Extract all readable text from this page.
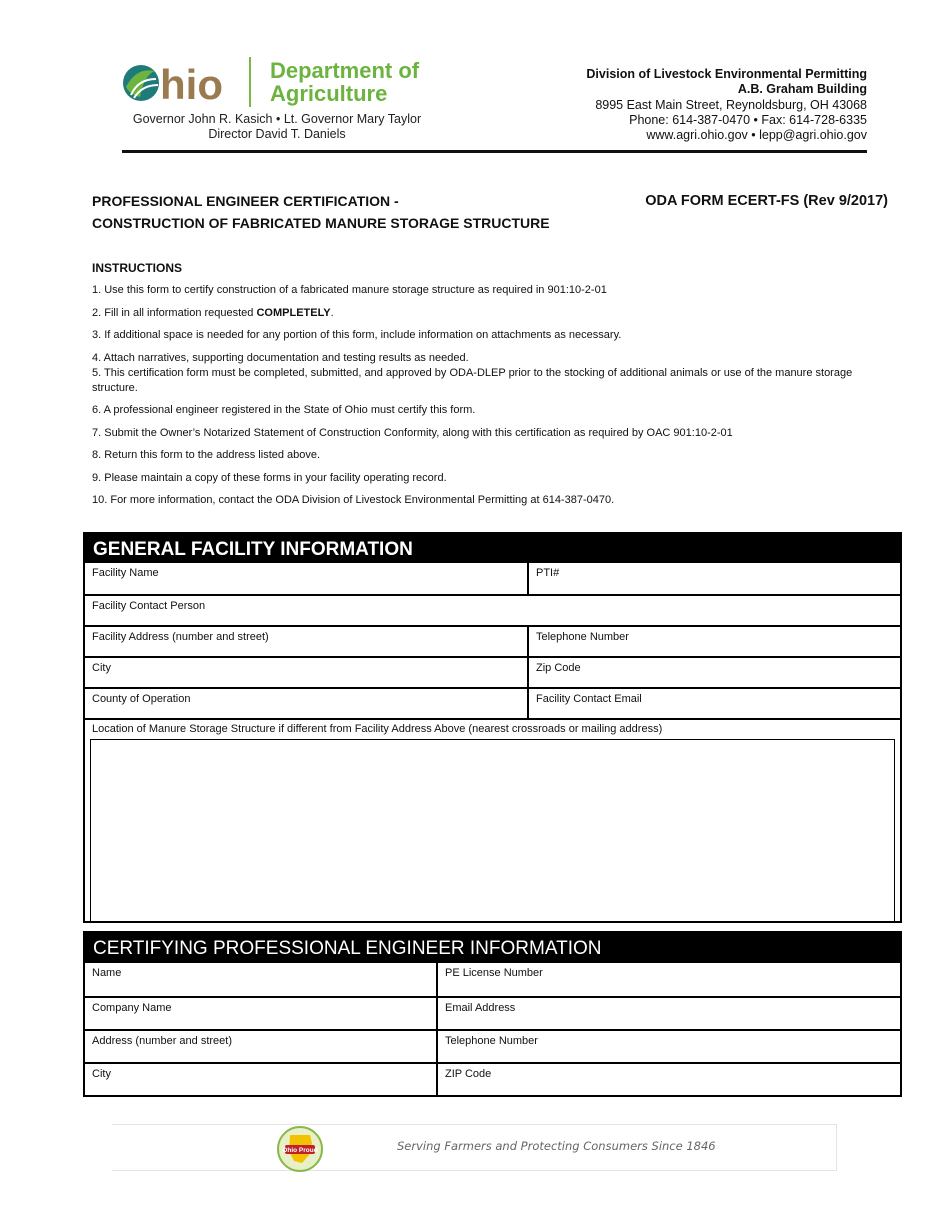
hio Department of
Agriculture
Governor John R. Kasich • Lt. Governor Mary Taylor
Director David T. Daniels
Division of Livestock Environmental Permitting
A.B. Graham Building
8995 East Main Street, Reynoldsburg, OH 43068
Phone: 614-387-0470 • Fax: 614-728-6335
www.agri.ohio.gov • lepp@agri.ohio.gov
PROFESSIONAL ENGINEER CERTIFICATION -
CONSTRUCTION OF FABRICATED MANURE STORAGE STRUCTURE
ODA FORM ECERT-FS (Rev 9/2017)
INSTRUCTIONS

1. Use this form to certify construction of a fabricated manure storage structure as required in 901:10-2-01

2. Fill in all information requested COMPLETELY.

3. If additional space is needed for any portion of this form, include information on attachments as necessary.

4. Attach narratives, supporting documentation and testing results as needed.

5. This certification form must be completed, submitted, and approved by ODA-DLEP prior to the stocking of additional animals or use of the manure storage structure.

6. A professional engineer registered in the State of Ohio must certify this form.

7. Submit the Owner’s Notarized Statement of Construction Conformity, along with this certification as required by OAC 901:10-2-01

8. Return this form to the address listed above.

9. Please maintain a copy of these forms in your facility operating record.

10. For more information, contact the ODA Division of Livestock Environmental Permitting at 614-387-0470.

GENERAL FACILITY INFORMATION
Facility Name	PTI#
Facility Contact Person
Facility Address (number and street)	Telephone Number
City	Zip Code
County of Operation	Facility Contact Email
Location of Manure Storage Structure if different from Facility Address Above (nearest crossroads or mailing address)
CERTIFYING PROFESSIONAL ENGINEER INFORMATION
Name	PE License Number
Company Name	Email Address
Address (number and street)	Telephone Number
City	ZIP Code
Ohio Proud	Serving Farmers and Protecting Consumers Since 1846
